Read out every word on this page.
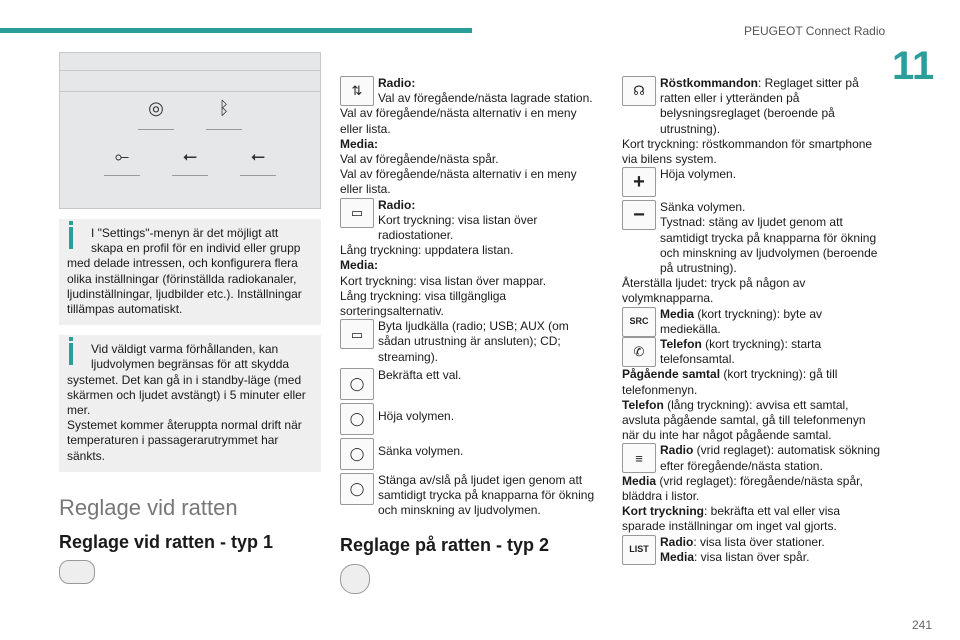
PEUGEOT Connect Radio
11
241
◎	ᛒ
⟜	⭠	⭠

I "Settings"-menyn är det möjligt att skapa en profil för en individ eller grupp

med delade intressen, och konfigurera flera olika inställningar (förinställda radiokanaler, ljudinställningar, ljudbilder etc.). Inställningar tillämpas automatiskt.

Vid väldigt varma förhållanden, kan ljudvolymen begränsas för att skydda

systemet. Det kan gå in i standby-läge (med skärmen och ljudet avstängt) i 5 minuter eller mer.

Systemet kommer återuppta normal drift när temperaturen i passagerarutrymmet har sänkts.

Reglage vid ratten
Reglage vid ratten - typ 1
⇅
Radio:
Val av föregående/nästa lagrade station.

Val av föregående/nästa alternativ i en meny eller lista.

Media:

Val av föregående/nästa spår.

Val av föregående/nästa alternativ i en meny eller lista.

▭
Radio:
Kort tryckning: visa listan över radiostationer.

Lång tryckning: uppdatera listan.

Media:

Kort tryckning: visa listan över mappar.

Lång tryckning: visa tillgängliga sorteringsalternativ.

▭
Byta ljudkälla (radio; USB; AUX (om sådan utrustning är ansluten); CD; streaming).
◯
Bekräfta ett val.
◯	Höja volymen.
◯	Sänka volymen.
◯
Stänga av/slå på ljudet igen genom att samtidigt trycka på knapparna för ökning och minskning av ljudvolymen.
Reglage på ratten - typ 2
☊
Röstkommandon: Reglaget sitter på ratten eller i ytteränden på belysningsreglaget (beroende på utrustning).

Kort tryckning: röstkommandon för smartphone via bilens system.

+	Höja volymen.
−	Sänka volymen.
Tystnad: stäng av ljudet genom att samtidigt trycka på knapparna för ökning och minskning av ljudvolymen (beroende på utrustning).

Återställa ljudet: tryck på någon av volymknapparna.

SRC
Media (kort tryckning): byte av mediekälla.
✆
Telefon (kort tryckning): starta telefonsamtal.

Pågående samtal (kort tryckning): gå till telefonmenyn.

Telefon (lång tryckning): avvisa ett samtal, avsluta pågående samtal, gå till telefonmenyn när du inte har något pågående samtal.

≡
Radio (vrid reglaget): automatisk sökning efter föregående/nästa station.

Media (vrid reglaget): föregående/nästa spår, bläddra i listor.

Kort tryckning: bekräfta ett val eller visa sparade inställningar om inget val gjorts.

LIST
Radio: visa lista över stationer.
Media: visa listan över spår.
